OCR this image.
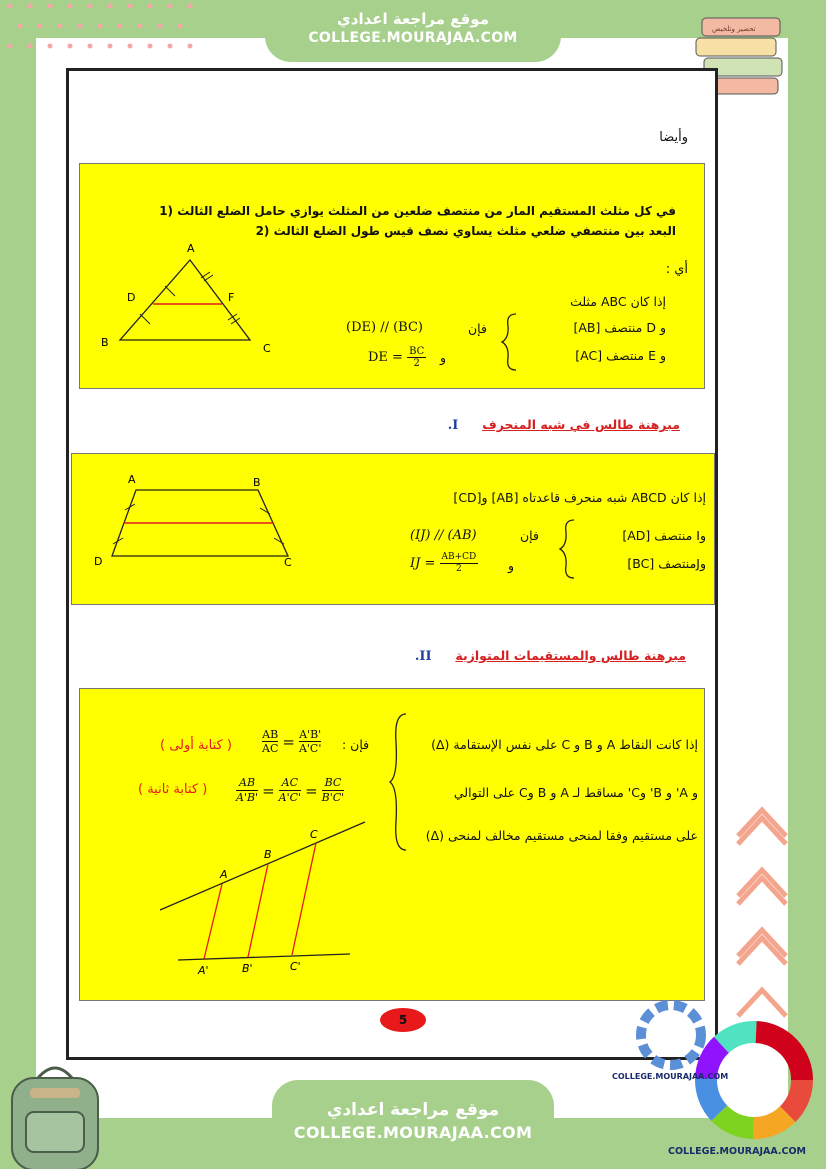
موقع مراجعة اعدادي
COLLEGE.MOURAJAA.COM
تحضير وتلخيص
وأيضا
في كل مثلث المستقيم المار من منتصف ضلعين من المثلث يوازي حامل الضلع الثالث (1
البعد بين منتصفي ضلعي مثلث يساوي نصف قيس طول الضلع الثالث (2
أي :
إذا كان ABC مثلث
و D منتصف [AB]
و E منتصف [AC]
فإن
و
(DE) // (BC)
DE = $\frac{BC}{2}$
A
D	F
B	C
.I مبرهنة طالس في شبه المنحرف
A	B
D	C
إذا كان ABCD شبه منحرف قاعدتاه [AB] و[CD]
وI منتصف [AD]
وJمنتصف [BC]
فإن
و
(IJ) // (AB)
IJ = $\frac{AB+CD}{2}$
.II مبرهنة طالس والمستقيمات المتوازية
إذا كانت النقاط A و B و C على نفس الإستقامة (Δ)
و A' و B' وC' مساقط لـ A و B وC على التوالي
على مستقيم وفقا لمنحى مستقيم مخالف لمنحى (Δ)
فإن :
$\frac{AB}{AC} = \frac{A'B'}{A'C'}$
( كتابة أولى )
$\frac{AB}{A'B'} = \frac{AC}{A'C'} = \frac{BC}{B'C'}$
( كتابة ثانية )
A
B
C
A'	B'	C'
5
COLLEGE.MOURAJAA.COM
COLLEGE.MOURAJAA.COM
موقع مراجعة اعدادي
COLLEGE.MOURAJAA.COM
